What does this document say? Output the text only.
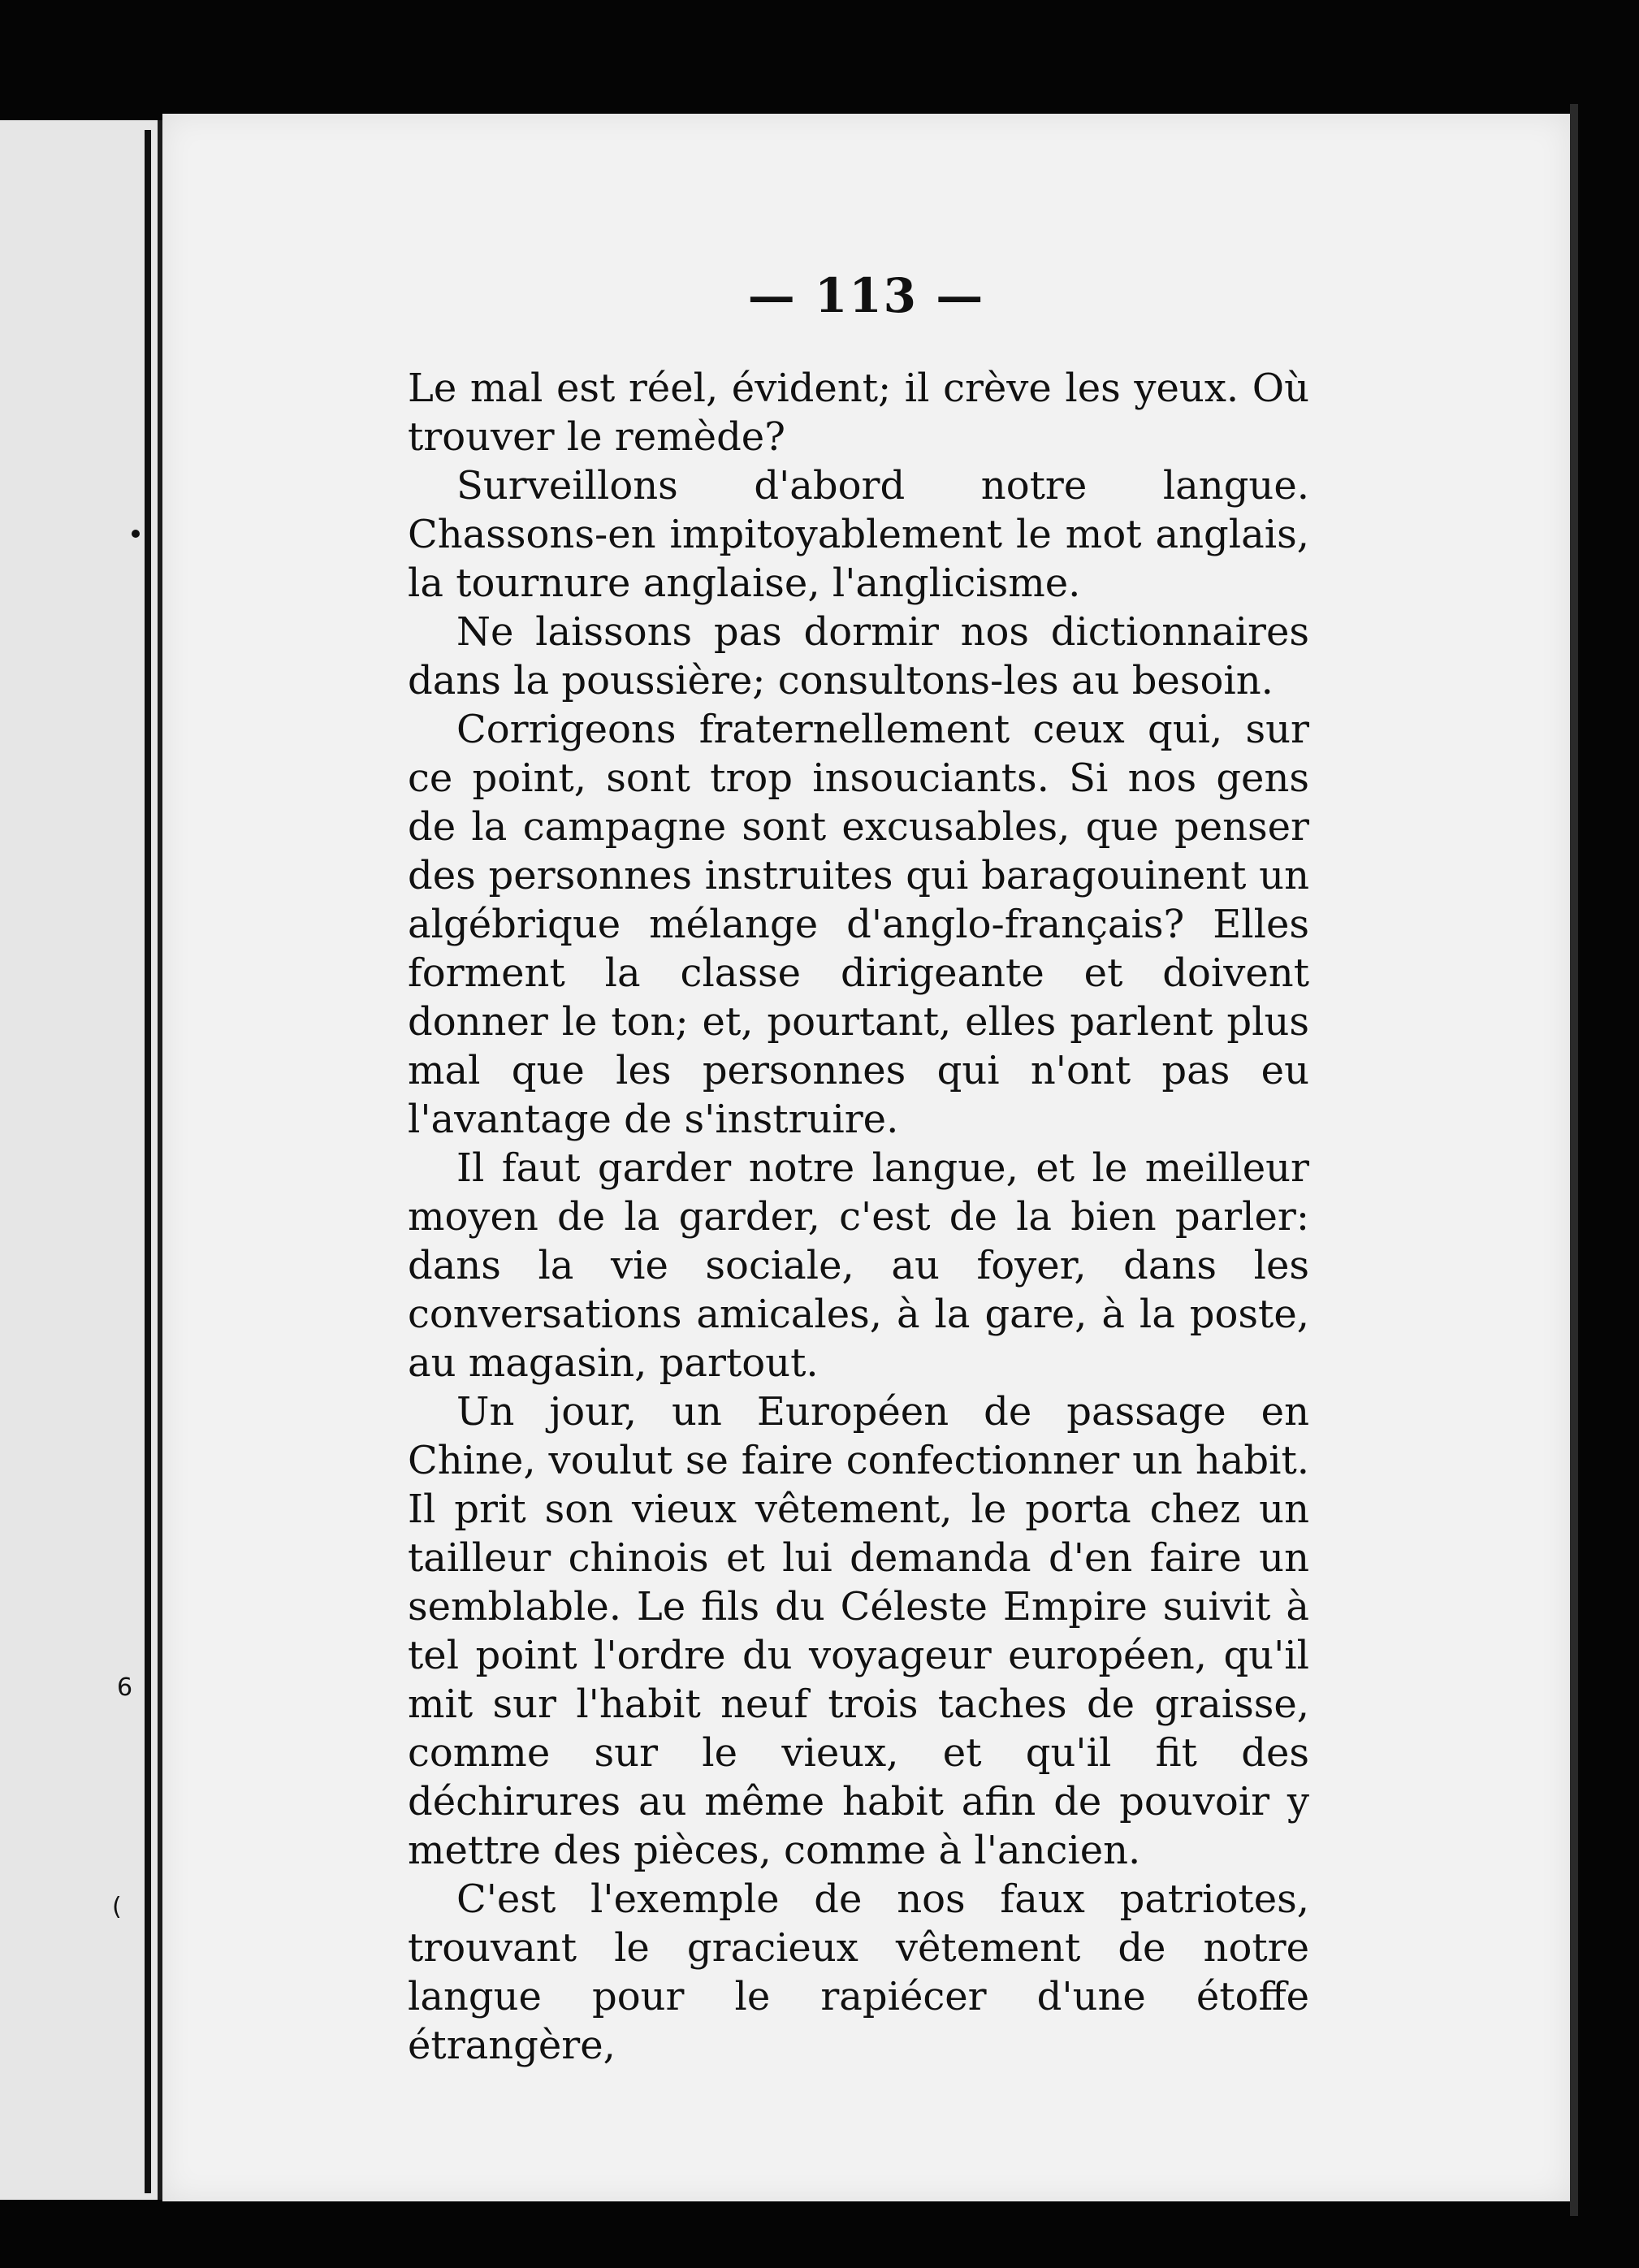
6
(
— 113 —

Le mal est réel, évident; il crève les yeux. Où trouver le remède?

Surveillons d'abord notre langue. Chassons-en impitoyablement le mot anglais, la tournure anglaise, l'anglicisme.

Ne laissons pas dormir nos dictionnaires dans la poussière; consultons-les au besoin.

Corrigeons fraternellement ceux qui, sur ce point, sont trop insouciants. Si nos gens de la campagne sont excusables, que penser des personnes instruites qui baragouinent un algébrique mélange d'anglo-français? Elles forment la classe dirigeante et doivent donner le ton; et, pourtant, elles parlent plus mal que les personnes qui n'ont pas eu l'avantage de s'instruire.

Il faut garder notre langue, et le meilleur moyen de la garder, c'est de la bien parler: dans la vie sociale, au foyer, dans les conversations amicales, à la gare, à la poste, au magasin, partout.

Un jour, un Européen de passage en Chine, voulut se faire confectionner un habit. Il prit son vieux vêtement, le porta chez un tailleur chinois et lui demanda d'en faire un semblable. Le fils du Céleste Empire suivit à tel point l'ordre du voyageur européen, qu'il mit sur l'habit neuf trois taches de graisse, comme sur le vieux, et qu'il fit des déchirures au même habit afin de pouvoir y mettre des pièces, comme à l'ancien.

C'est l'exemple de nos faux patriotes, trouvant le gracieux vêtement de notre langue pour le rapiécer d'une étoffe étrangère,
